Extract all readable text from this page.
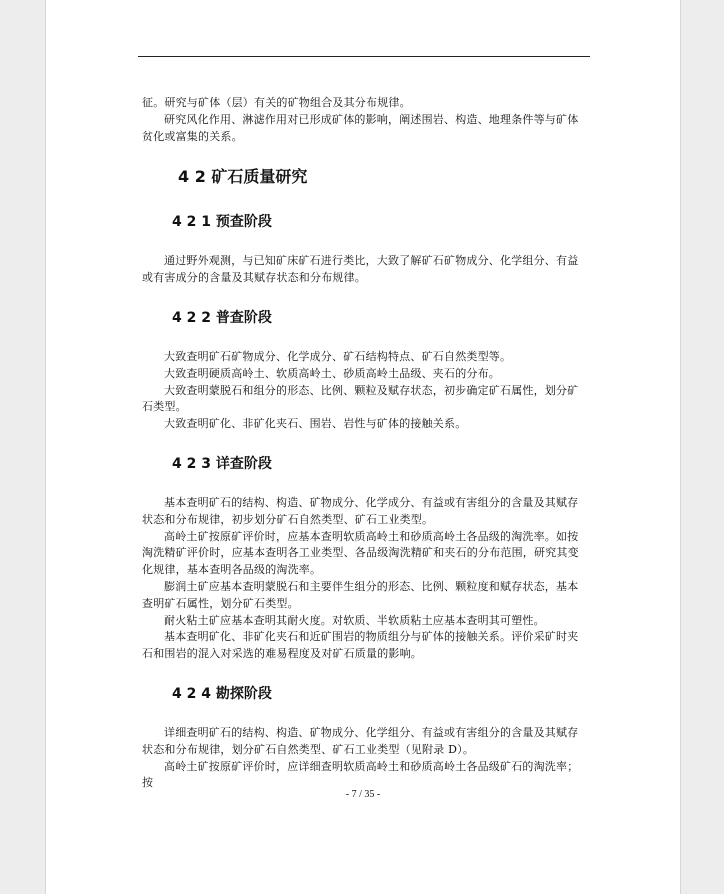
征。研究与矿体（层）有关的矿物组合及其分布规律。

研究风化作用、淋滤作用对已形成矿体的影响，阐述围岩、构造、地理条件等与矿体贫化或富集的关系。

4 2 矿石质量研究
4 2 1 预查阶段

通过野外观测，与已知矿床矿石进行类比，大致了解矿石矿物成分、化学组分、有益或有害成分的含量及其赋存状态和分布规律。

4 2 2 普查阶段

大致查明矿石矿物成分、化学成分、矿石结构特点、矿石自然类型等。

大致查明硬质高岭土、软质高岭土、砂质高岭土品级、夹石的分布。

大致查明蒙脱石和组分的形态、比例、颗粒及赋存状态，初步确定矿石属性，划分矿石类型。

大致查明矿化、非矿化夹石、围岩、岩性与矿体的接触关系。

4 2 3 详查阶段

基本查明矿石的结构、构造、矿物成分、化学成分、有益或有害组分的含量及其赋存状态和分布规律，初步划分矿石自然类型、矿石工业类型。

高岭土矿按原矿评价时，应基本查明软质高岭土和砂质高岭土各品级的淘洗率。如按淘洗精矿评价时，应基本查明各工业类型、各品级淘洗精矿和夹石的分布范围，研究其变化规律，基本查明各品级的淘洗率。

膨润土矿应基本查明蒙脱石和主要伴生组分的形态、比例、颗粒度和赋存状态，基本查明矿石属性，划分矿石类型。

耐火粘土矿应基本查明其耐火度。对软质、半软质粘土应基本查明其可塑性。

基本查明矿化、非矿化夹石和近矿围岩的物质组分与矿体的接触关系。评价采矿时夹石和围岩的混入对采选的难易程度及对矿石质量的影响。

4 2 4 勘探阶段

详细查明矿石的结构、构造、矿物成分、化学组分、有益或有害组分的含量及其赋存状态和分布规律，划分矿石自然类型、矿石工业类型（见附录 D）。

高岭土矿按原矿评价时，应详细查明软质高岭土和砂质高岭土各品级矿石的淘洗率；按

- 7 / 35 -
